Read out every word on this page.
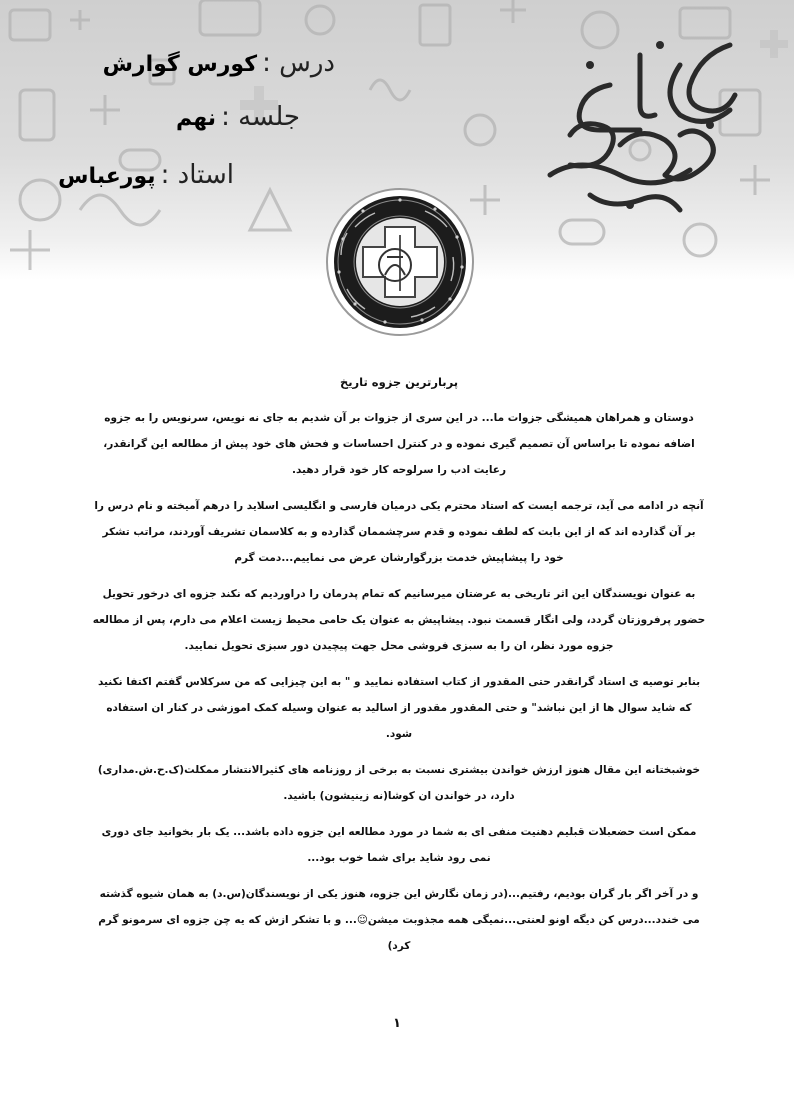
درس : کورس گوارش
جلسه : نهم
استاد : پورعباس

پربارترین جزوه تاریخ

دوستان و همراهان همیشگی جزوات ما... در این سری از جزوات بر آن شدیم به جای نه نویس، سرنویس را به جزوه اضافه نموده تا براساس آن تصمیم گیری نموده و در کنترل احساسات و فحش های خود پیش از مطالعه این گرانقدر، رعایت ادب را سرلوحه کار خود قرار دهید.

آنچه در ادامه می آید، ترجمه ایست که استاد محترم یکی درمیان فارسی و انگلیسی اسلاید را درهم آمیخته و نام درس را بر آن گذارده اند که از این بابت که لطف نموده و قدم سرچشممان گذارده و به کلاسمان تشریف آوردند، مراتب تشکر خود را پیشاپیش خدمت بزرگوارشان عرض می نماییم...دمت گرم

به عنوان نویسندگان این اثر تاریخی به عرضتان میرسانیم که تمام پدرمان را دراوردیم که نکند جزوه ای درخور تحویل حضور پرفروزتان گردد، ولی انگار قسمت نبود. پیشاپیش به عنوان یک حامی محیط زیست اعلام می دارم، پس از مطالعه جزوه مورد نظر، ان را به سبزی فروشی محل جهت پیچیدن دور سبزی تحویل نمایید.

بنابر توصیه ی استاد گرانقدر حتی المقدور از کتاب استفاده نمایید و " به این چیزایی که من سرکلاس گفتم اکتفا نکنید که شاید سوال ها از این نباشد" و حتی المقدور مقدور از اسالید به عنوان وسیله کمک اموزشی در کنار ان استفاده شود.

خوشبختانه این مقال هنوز ارزش خواندن بیشتری نسبت به برخی از روزنامه های کثیرالانتشار ممکلت(ک.ح.ش.مداری) دارد، در خواندن ان کوشا(نه زینیشون) باشید.

ممکن است حضعبلات قبلیم دهنیت منفی ای به شما در مورد مطالعه این جزوه داده باشد... یک بار بخوانید جای دوری نمی رود شاید برای شما خوب بود...

و در آخر اگر بار گران بودیم، رفتیم...(در زمان نگارش این جزوه، هنوز یکی از نویسندگان(س.د) به همان شیوه گذشته می خندد...درس کن دیگه اونو لعنتی...نمیگی همه مجذوبت میشن☺... و با تشکر ازش که یه چن جزوه ای سرمونو گرم کرد)

۱
